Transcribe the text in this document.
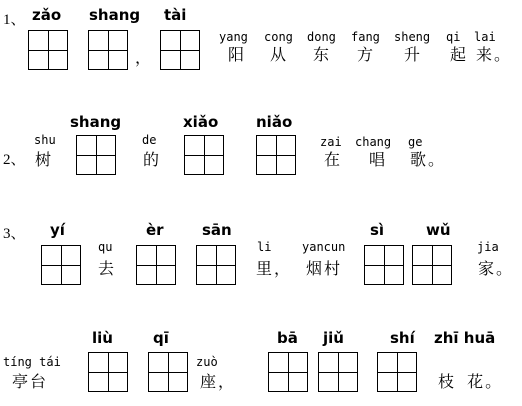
1、 zǎo shang tài
，
yang cong dong fang sheng qi lai
阳 从 东 方 升 起 来。
shang	xiǎo	niǎo
shu	de
2、 树	的
zai chang ge
在 唱 歌。
3、 yí	èr	sān	sì	wǔ
qu	li	yancun	jia
去	里， 烟村	家。
liù	qī	bā jiǔ	shí zhī huā
tíng tái	zuò
亭台	座，	枝 花。
